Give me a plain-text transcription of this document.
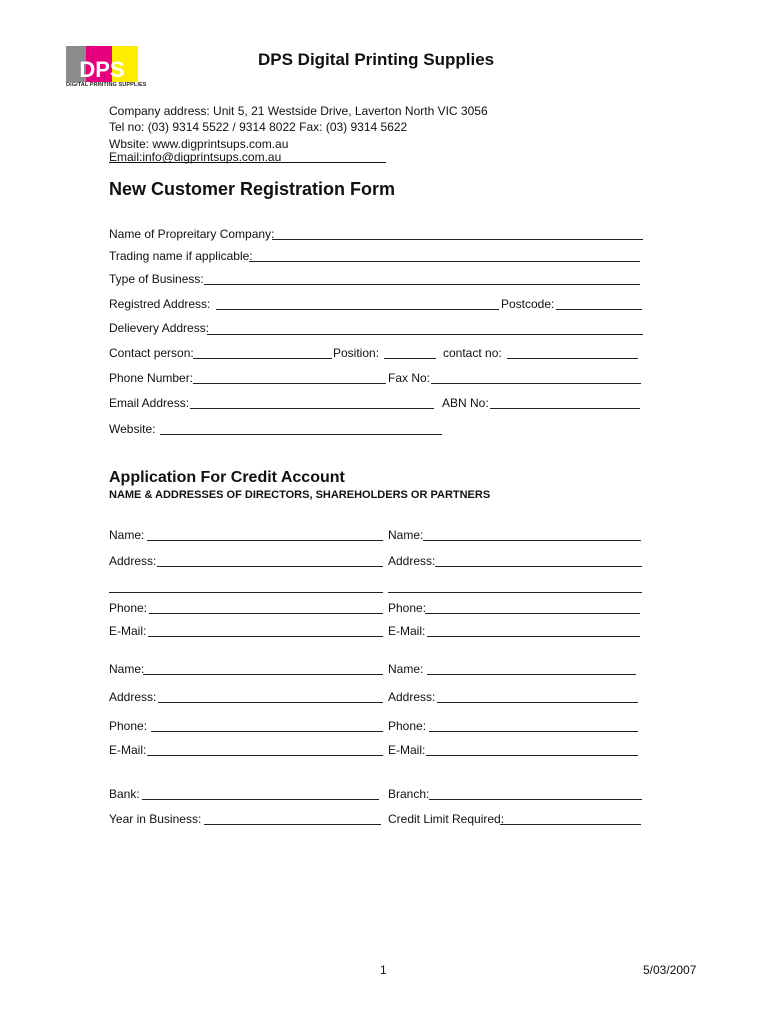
DPS
DIGITAL PRINTING SUPPLIES
DPS Digital Printing Supplies
Company address: Unit 5, 21 Westside Drive, Laverton North VIC 3056
Tel no: (03) 9314 5522 / 9314 8022 Fax: (03) 9314 5622
Wbsite: www.digprintsups.com.au
Email:info@digprintsups.com.au
New Customer Registration Form
Name of Propreitary Company:
Trading name if applicable:
Type of Business:
Registred Address:	Postcode:
Delievery Address:
Contact person:	Position:	contact no:
Phone Number:	Fax No:
Email Address:	ABN No:
Website:
Application For Credit Account
NAME & ADDRESSES OF DIRECTORS, SHAREHOLDERS OR PARTNERS
Name:	Name:
Address:	Address:
Phone:	Phone:
E-Mail:	E-Mail:
Name:	Name:
Address:	Address:
Phone:	Phone:
E-Mail:	E-Mail:
Bank:	Branch:
Year in Business:	Credit Limit Required:
1	5/03/2007
